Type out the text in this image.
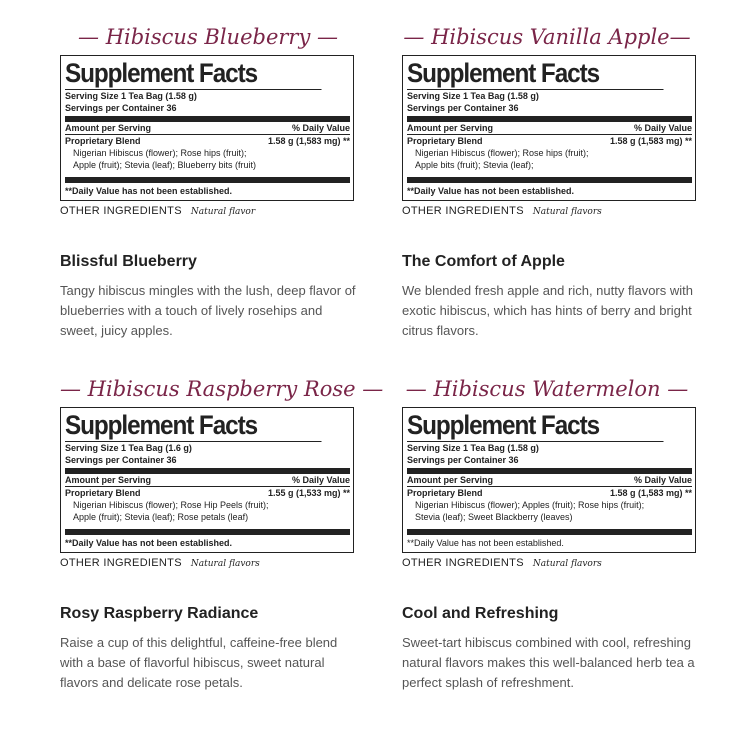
— Hibiscus Blueberry —
Supplement Facts
Serving Size 1 Tea Bag (1.58 g)
Servings per Container 36
Amount per Serving	% Daily Value
Proprietary Blend	1.58 g (1,583 mg) **
Nigerian Hibiscus (flower); Rose hips (fruit);
Apple (fruit); Stevia (leaf); Blueberry bits (fruit)
**Daily Value has not been established.
OTHER INGREDIENTS Natural flavor
Blissful Blueberry
Tangy hibiscus mingles with the lush, deep flavor of blueberries with a touch of lively rosehips and sweet, juicy apples.
— Hibiscus Vanilla Apple—
Supplement Facts
Serving Size 1 Tea Bag (1.58 g)
Servings per Container 36
Amount per Serving	% Daily Value
Proprietary Blend	1.58 g (1,583 mg) **
Nigerian Hibiscus (flower); Rose hips (fruit);
Apple bits (fruit); Stevia (leaf);
**Daily Value has not been established.
OTHER INGREDIENTS Natural flavors
The Comfort of Apple
We blended fresh apple and rich, nutty flavors with exotic hibiscus, which has hints of berry and bright citrus flavors.
— Hibiscus Raspberry Rose —
Supplement Facts
Serving Size 1 Tea Bag (1.6 g)
Servings per Container 36
Amount per Serving	% Daily Value
Proprietary Blend	1.55 g (1,533 mg) **
Nigerian Hibiscus (flower); Rose Hip Peels (fruit);
Apple (fruit); Stevia (leaf); Rose petals (leaf)
**Daily Value has not been established.
OTHER INGREDIENTS Natural flavors
Rosy Raspberry Radiance
Raise a cup of this delightful, caffeine-free blend with a base of flavorful hibiscus, sweet natural flavors and delicate rose petals.
— Hibiscus Watermelon —
Supplement Facts
Serving Size 1 Tea Bag (1.58 g)
Servings per Container 36
Amount per Serving	% Daily Value
Proprietary Blend	1.58 g (1,583 mg) **
Nigerian Hibiscus (flower); Apples (fruit); Rose hips (fruit);
Stevia (leaf); Sweet Blackberry (leaves)
**Daily Value has not been established.
OTHER INGREDIENTS Natural flavors
Cool and Refreshing
Sweet-tart hibiscus combined with cool, refreshing natural flavors makes this well-balanced herb tea a perfect splash of refreshment.
